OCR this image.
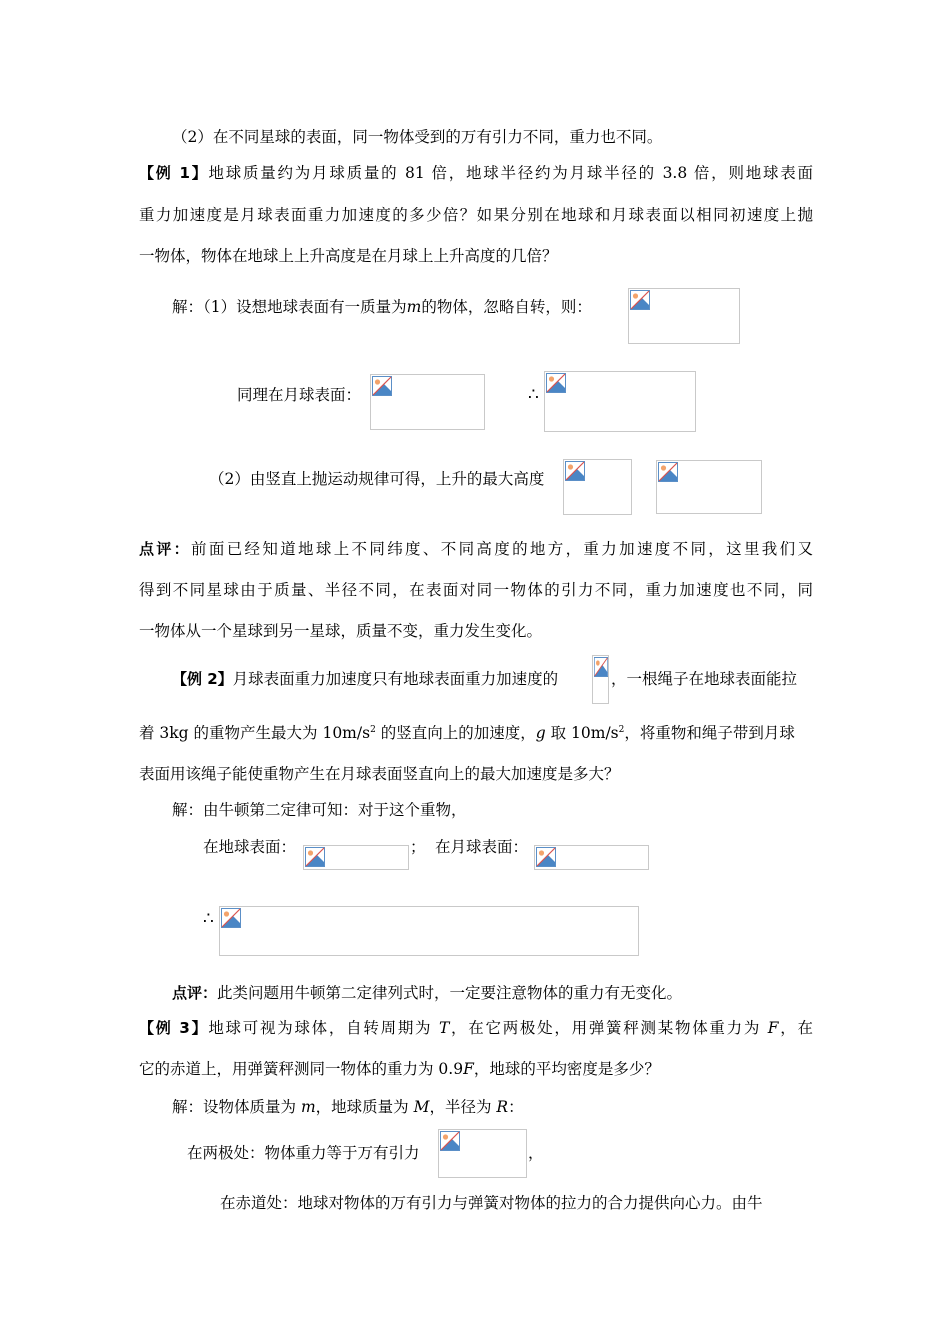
（2）在不同星球的表面，同一物体受到的万有引力不同，重力也不同。
【例 1】地球质量约为月球质量的 81 倍，地球半径约为月球半径的 3.8 倍，则地球表面
重力加速度是月球表面重力加速度的多少倍？如果分别在地球和月球表面以相同初速度上抛
一物体，物体在地球上上升高度是在月球上上升高度的几倍？
解：（1）设想地球表面有一质量为m的物体，忽略自转，则：
同理在月球表面：	∴
（2）由竖直上抛运动规律可得，上升的最大高度
点评：前面已经知道地球上不同纬度、不同高度的地方，重力加速度不同，这里我们又
得到不同星球由于质量、半径不同，在表面对同一物体的引力不同，重力加速度也不同，同
一物体从一个星球到另一星球，质量不变，重力发生变化。
【例 2】月球表面重力加速度只有地球表面重力加速度的	，一根绳子在地球表面能拉
着 3kg 的重物产生最大为 $10m/s^2$ 的竖直向上的加速度，g 取 $10m/s^2$，将重物和绳子带到月球
表面用该绳子能使重物产生在月球表面竖直向上的最大加速度是多大？
解：由牛顿第二定律可知：对于这个重物，
在地球表面：	； 在月球表面：
∴
点评：此类问题用牛顿第二定律列式时，一定要注意物体的重力有无变化。
【例 3】地球可视为球体，自转周期为 T，在它两极处，用弹簧秤测某物体重力为 F，在
它的赤道上，用弹簧秤测同一物体的重力为 0.9F，地球的平均密度是多少？
解：设物体质量为 m，地球质量为 M，半径为 R：
在两极处：物体重力等于万有引力	，
在赤道处：地球对物体的万有引力与弹簧对物体的拉力的合力提供向心力。由牛
